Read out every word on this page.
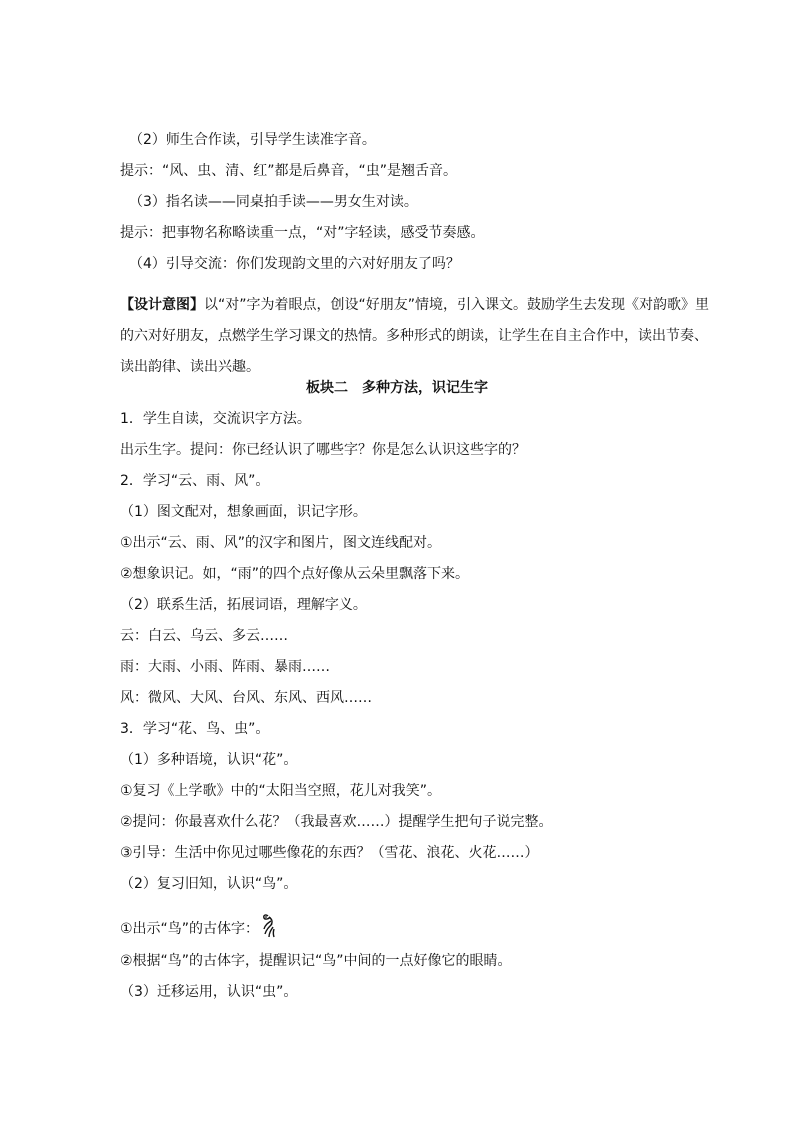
（2）师生合作读，引导学生读准字音。
提示：“风、虫、清、红”都是后鼻音，“虫”是翘舌音。
（3）指名读——同桌拍手读——男女生对读。
提示：把事物名称略读重一点，“对”字轻读，感受节奏感。
（4）引导交流：你们发现韵文里的六对好朋友了吗？
【设计意图】以“对”字为着眼点，创设“好朋友”情境，引入课文。鼓励学生去发现《对韵歌》里的六对好朋友，点燃学生学习课文的热情。多种形式的朗读，让学生在自主合作中，读出节奏、读出韵律、读出兴趣。
板块二　多种方法，识记生字
1．学生自读，交流识字方法。
出示生字。提问：你已经认识了哪些字？你是怎么认识这些字的？
2．学习“云、雨、风”。
（1）图文配对，想象画面，识记字形。
①出示“云、雨、风”的汉字和图片，图文连线配对。
②想象识记。如，“雨”的四个点好像从云朵里飘落下来。
（2）联系生活，拓展词语，理解字义。
云：白云、乌云、多云……
雨：大雨、小雨、阵雨、暴雨……
风：微风、大风、台风、东风、西风……
3．学习“花、鸟、虫”。
（1）多种语境，认识“花”。
①复习《上学歌》中的“太阳当空照，花儿对我笑”。
②提问：你最喜欢什么花？（我最喜欢……）提醒学生把句子说完整。
③引导：生活中你见过哪些像花的东西？（雪花、浪花、火花……）
（2）复习旧知，认识“鸟”。
①出示“鸟”的古体字：
②根据“鸟”的古体字，提醒识记“鸟”中间的一点好像它的眼睛。
（3）迁移运用，认识“虫”。
